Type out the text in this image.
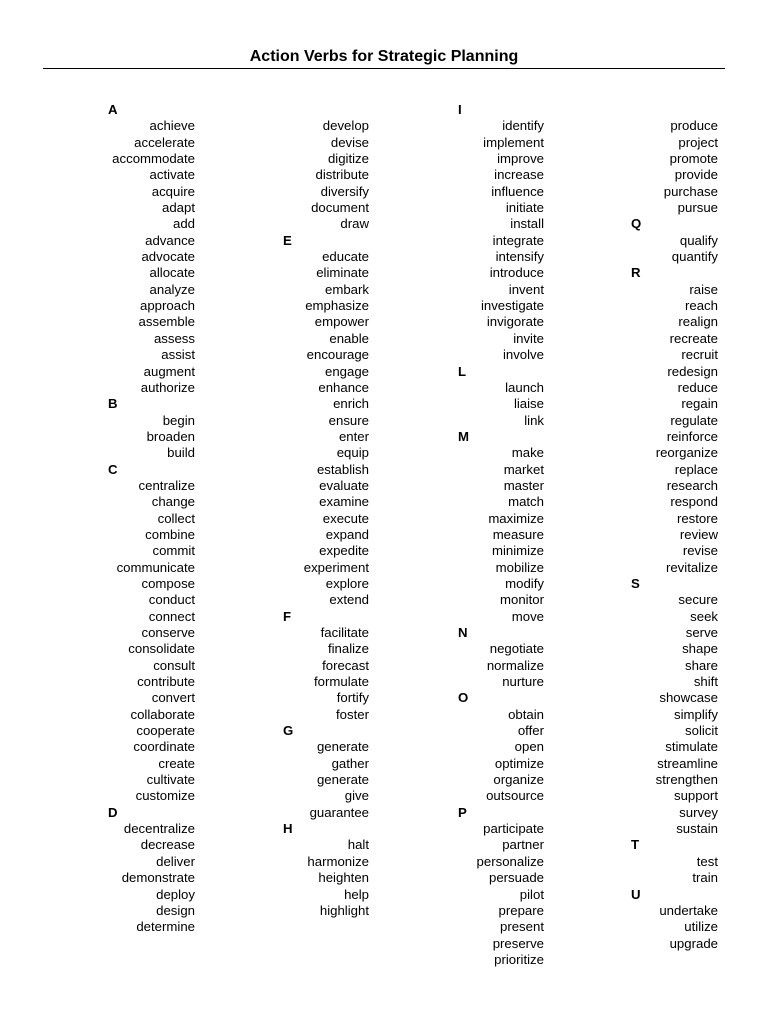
Action Verbs for Strategic Planning
A
achieve
accelerate
accommodate
activate
acquire
adapt
add
advance
advocate
allocate
analyze
approach
assemble
assess
assist
augment
authorize
B
begin
broaden
build
C
centralize
change
collect
combine
commit
communicate
compose
conduct
connect
conserve
consolidate
consult
contribute
convert
collaborate
cooperate
coordinate
create
cultivate
customize
D
decentralize
decrease
deliver
demonstrate
deploy
design
determine
develop
devise
digitize
distribute
diversify
document
draw
E
educate
eliminate
embark
emphasize
empower
enable
encourage
engage
enhance
enrich
ensure
enter
equip
establish
evaluate
examine
execute
expand
expedite
experiment
explore
extend
F
facilitate
finalize
forecast
formulate
fortify
foster
G
generate
gather
generate
give
guarantee
H
halt
harmonize
heighten
help
highlight
I
identify
implement
improve
increase
influence
initiate
install
integrate
intensify
introduce
invent
investigate
invigorate
invite
involve
L
launch
liaise
link
M
make
market
master
match
maximize
measure
minimize
mobilize
modify
monitor
move
N
negotiate
normalize
nurture
O
obtain
offer
open
optimize
organize
outsource
P
participate
partner
personalize
persuade
pilot
prepare
present
preserve
prioritize
produce
project
promote
provide
purchase
pursue
Q
qualify
quantify
R
raise
reach
realign
recreate
recruit
redesign
reduce
regain
regulate
reinforce
reorganize
replace
research
respond
restore
review
revise
revitalize
S
secure
seek
serve
shape
share
shift
showcase
simplify
solicit
stimulate
streamline
strengthen
support
survey
sustain
T
test
train
U
undertake
utilize
upgrade
